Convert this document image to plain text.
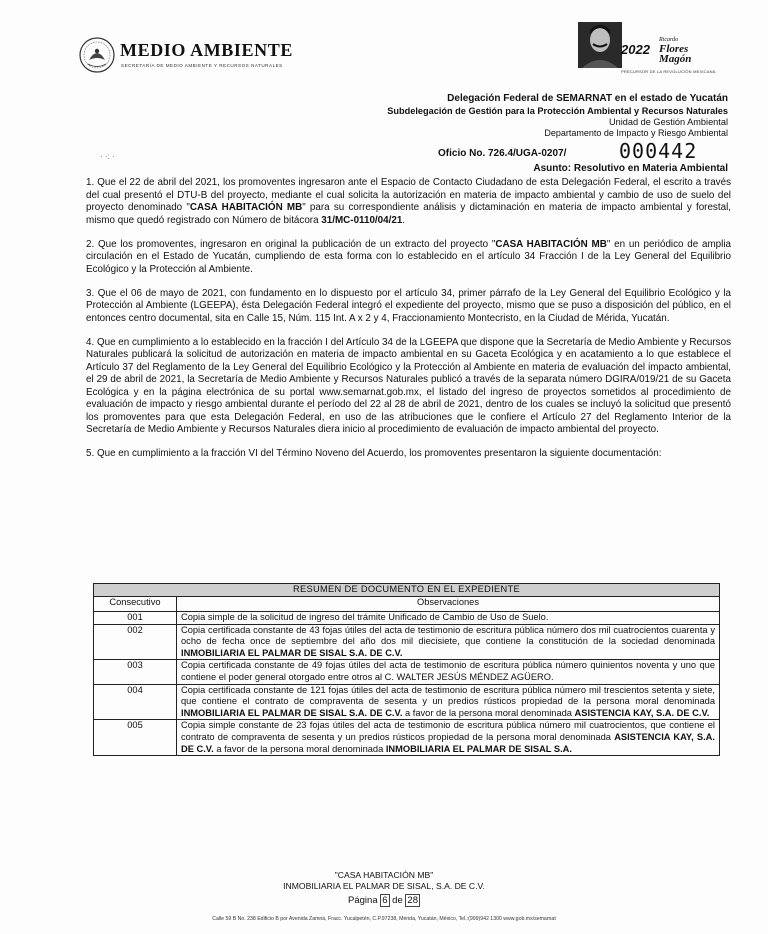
MEDIO AMBIENTE
SECRETARÍA DE MEDIO AMBIENTE Y RECURSOS NATURALES
2022
Ricardo
Flores
Magón
PRECURSOR DE LA REVOLUCIÓN MEXICANA
Delegación Federal de SEMARNAT en el estado de Yucatán
Subdelegación de Gestión para la Protección Ambiental y Recursos Naturales
Unidad de Gestión Ambiental
Departamento de Impacto y Riesgo Ambiental
· ·: ·	Oficio No. 726.4/UGA-0207/	000442
Asunto: Resolutivo en Materia Ambiental

1. Que el 22 de abril del 2021, los promoventes ingresaron ante el Espacio de Contacto Ciudadano de esta Delegación Federal, el escrito a través del cual presentó el DTU-B del proyecto, mediante el cual solicita la autorización en materia de impacto ambiental y cambio de uso de suelo del proyecto denominado "CASA HABITACIÓN MB" para su correspondiente análisis y dictaminación en materia de impacto ambiental y forestal, mismo que quedó registrado con Número de bitácora 31/MC-0110/04/21.

2. Que los promoventes, ingresaron en original la publicación de un extracto del proyecto "CASA HABITACIÓN MB" en un periódico de amplia circulación en el Estado de Yucatán, cumpliendo de esta forma con lo establecido en el artículo 34 Fracción I de la Ley General del Equilibrio Ecológico y la Protección al Ambiente.

3. Que el 06 de mayo de 2021, con fundamento en lo dispuesto por el artículo 34, primer párrafo de la Ley General del Equilibrio Ecológico y la Protección al Ambiente (LGEEPA), ésta Delegación Federal integró el expediente del proyecto, mismo que se puso a disposición del público, en el entonces centro documental, sita en Calle 15, Núm. 115 Int. A x 2 y 4, Fraccionamiento Montecristo, en la Ciudad de Mérida, Yucatán.

4. Que en cumplimiento a lo establecido en la fracción I del Artículo 34 de la LGEEPA que dispone que la Secretaría de Medio Ambiente y Recursos Naturales publicará la solicitud de autorización en materia de impacto ambiental en su Gaceta Ecológica y en acatamiento a lo que establece el Artículo 37 del Reglamento de la Ley General del Equilibrio Ecológico y la Protección al Ambiente en materia de evaluación del impacto ambiental, el 29 de abril de 2021, la Secretaría de Medio Ambiente y Recursos Naturales publicó a través de la separata número DGIRA/019/21 de su Gaceta Ecológica y en la página electrónica de su portal www.semarnat.gob.mx, el listado del ingreso de proyectos sometidos al procedimiento de evaluación de impacto y riesgo ambiental durante el período del 22 al 28 de abril de 2021, dentro de los cuales se incluyó la solicitud que presentó los promoventes para que esta Delegación Federal, en uso de las atribuciones que le confiere el Artículo 27 del Reglamento Interior de la Secretaría de Medio Ambiente y Recursos Naturales diera inicio al procedimiento de evaluación de impacto ambiental del proyecto.

5. Que en cumplimiento a la fracción VI del Término Noveno del Acuerdo, los promoventes presentaron la siguiente documentación:

RESUMEN DE DOCUMENTO EN EL EXPEDIENTE	
Consecutivo	Observaciones
001	Copia simple de la solicitud de ingreso del trámite Unificado de Cambio de Uso de Suelo.
002	Copia certificada constante de 43 fojas útiles del acta de testimonio de escritura pública número dos mil cuatrocientos cuarenta y ocho de fecha once de septiembre del año dos mil diecisiete, que contiene la constitución de la sociedad denominada INMOBILIARIA EL PALMAR DE SISAL S.A. DE C.V.
003	Copia certificada constante de 49 fojas útiles del acta de testimonio de escritura pública número quinientos noventa y uno que contiene el poder general otorgado entre otros al C. WALTER JESÚS MÉNDEZ AGÜERO.
004	Copia certificada constante de 121 fojas útiles del acta de testimonio de escritura pública número mil trescientos setenta y siete, que contiene el contrato de compraventa de sesenta y un predios rústicos propiedad de la persona moral denominada INMOBILIARIA EL PALMAR DE SISAL S.A. DE C.V. a favor de la persona moral denominada ASISTENCIA KAY, S.A. DE C.V.
005	Copia simple constante de 23 fojas útiles del acta de testimonio de escritura pública número mil cuatrocientos, que contiene el contrato de compraventa de sesenta y un predios rústicos propiedad de la persona moral denominada ASISTENCIA KAY, S.A. DE C.V. a favor de la persona moral denominada INMOBILIARIA EL PALMAR DE SISAL S.A.
"CASA HABITACIÓN MB"
INMOBILIARIA EL PALMAR DE SISAL, S.A. DE C.V.
Página 6 de 28
Calle 59 B No. 238 Edificio B por Avenida Zamná, Fracc. Yucalpetén, C.P.97238, Mérida, Yucatán, México, Tel.:(999)942 1300 www.gob.mx/semarnat
